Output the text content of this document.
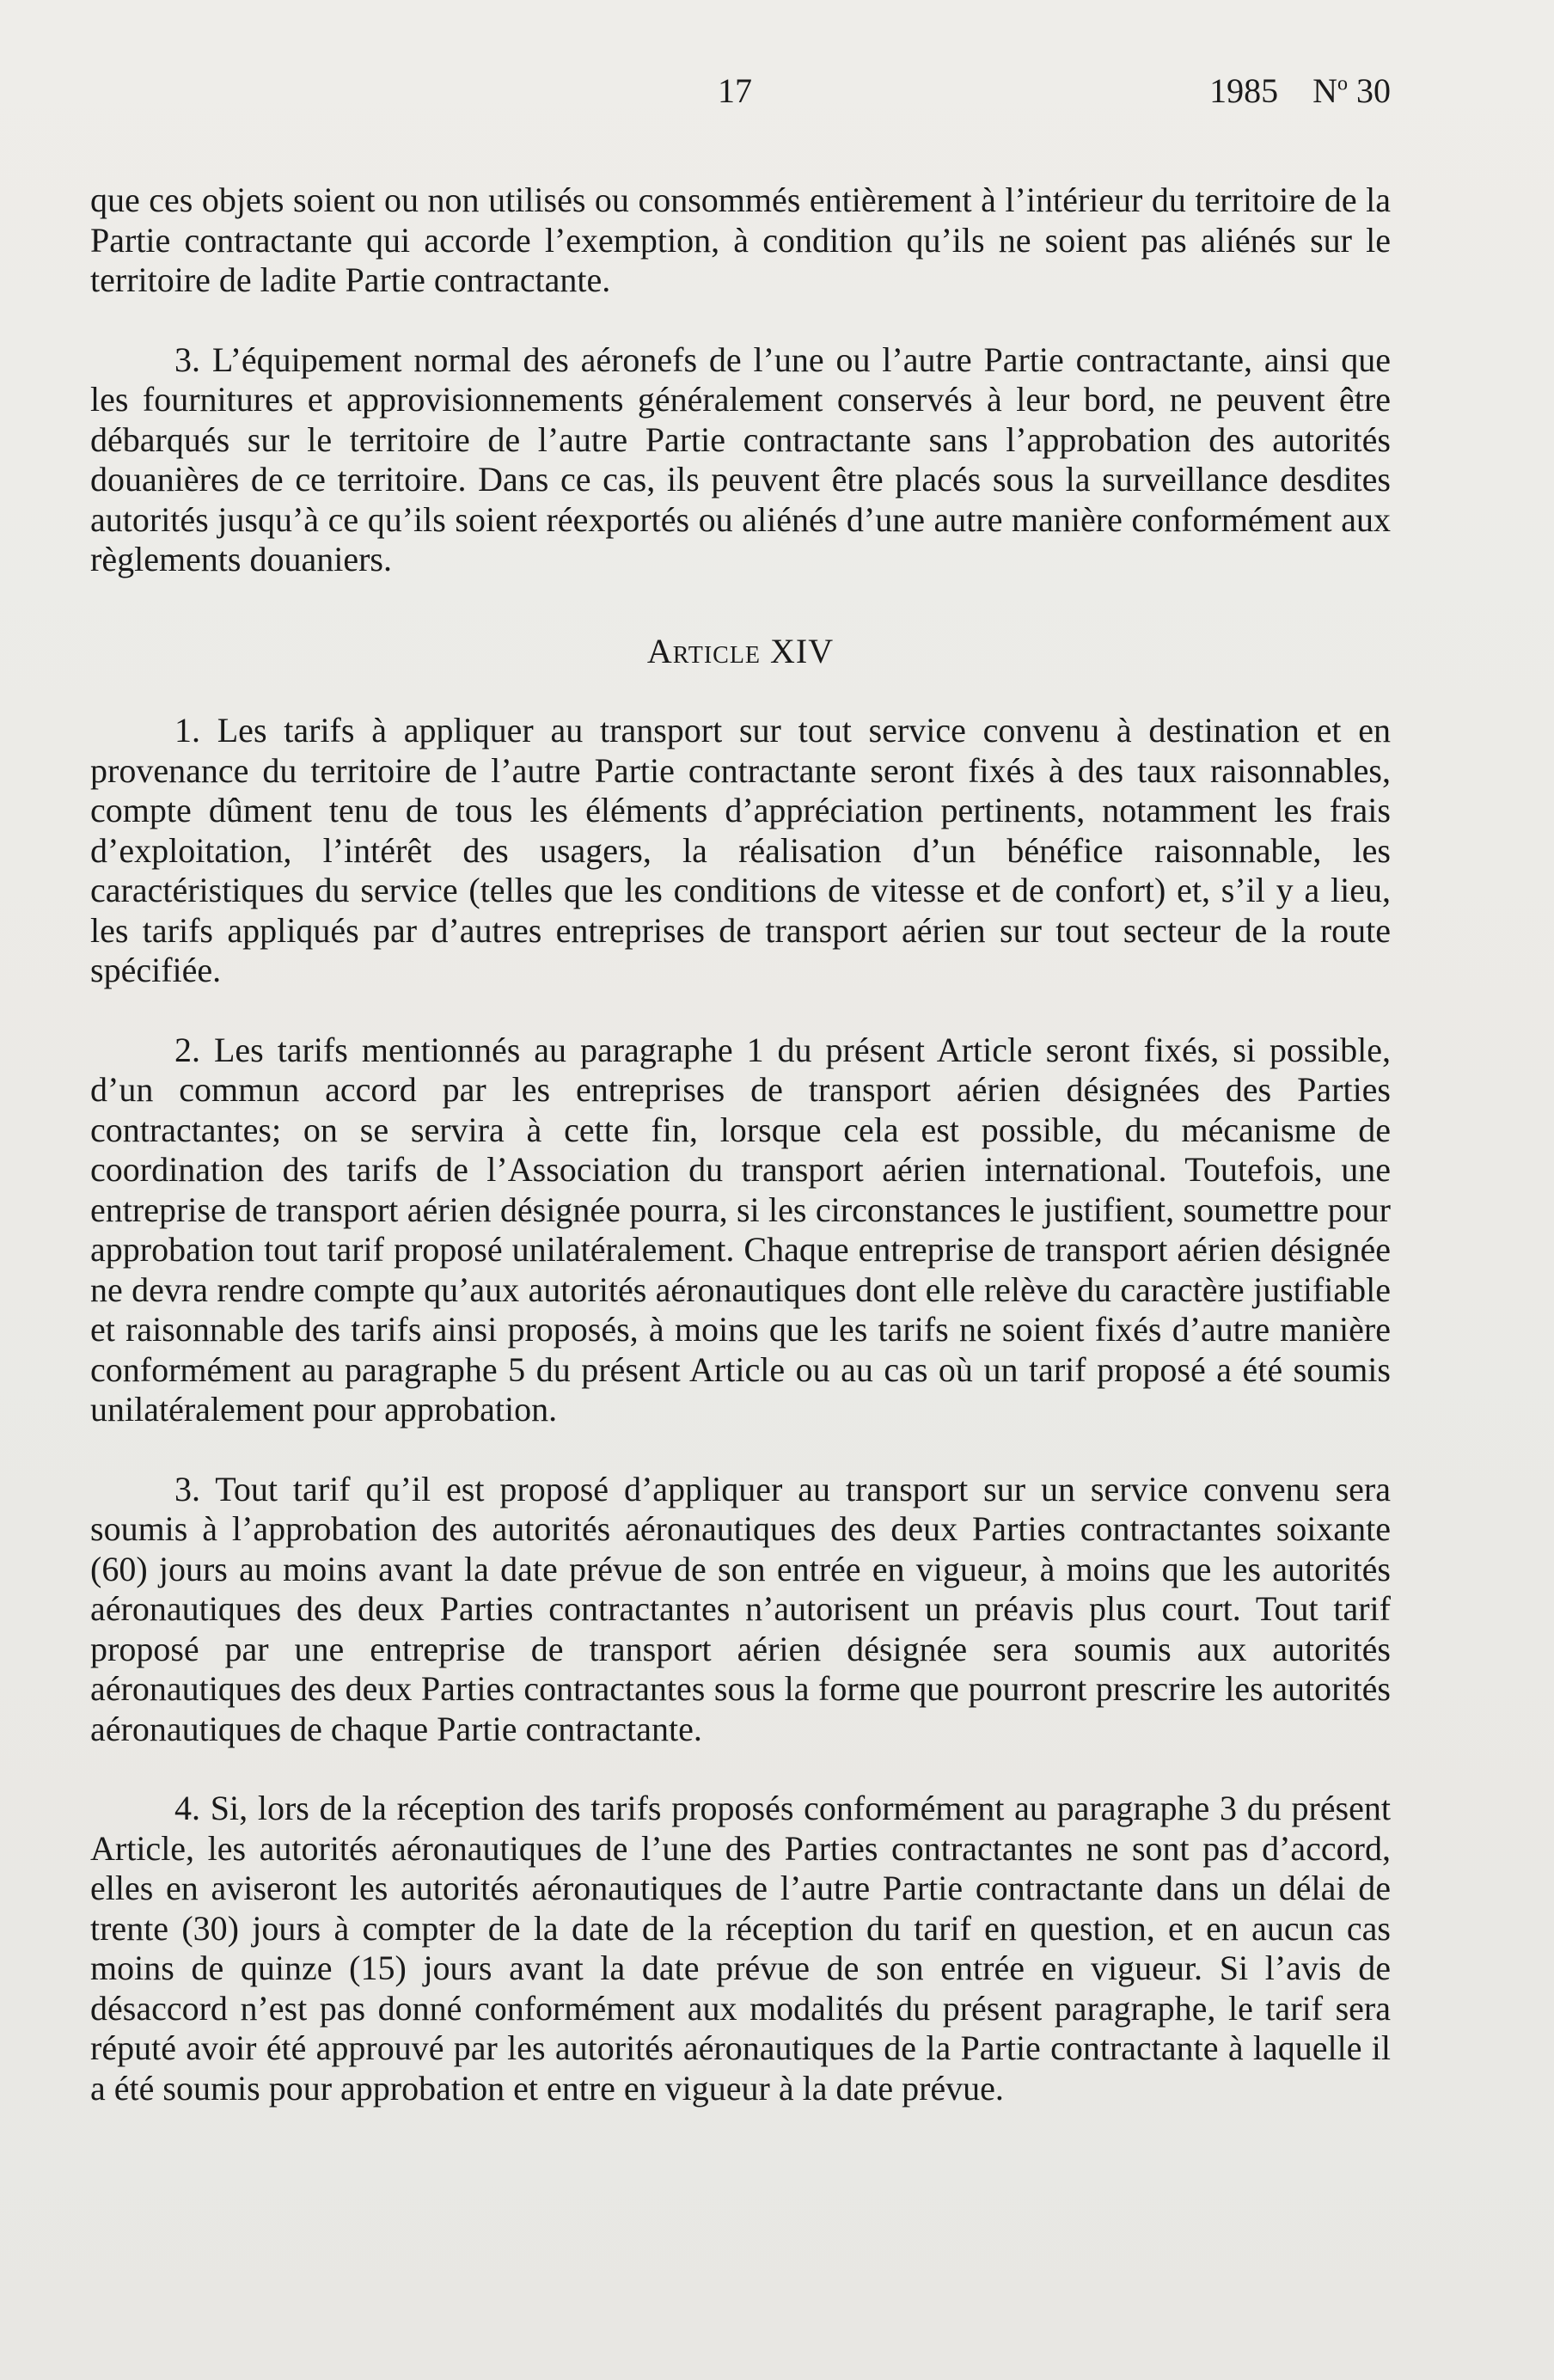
17	1985 $N^o$ 30

que ces objets soient ou non utilisés ou consommés entièrement à l’intérieur du territoire de la Partie contractante qui accorde l’exemption, à condition qu’ils ne soient pas aliénés sur le territoire de ladite Partie contractante.

3. L’équipement normal des aéronefs de l’une ou l’autre Partie contractante, ainsi que les fournitures et approvisionnements généralement conservés à leur bord, ne peuvent être débarqués sur le territoire de l’autre Partie contractante sans l’approbation des autorités douanières de ce territoire. Dans ce cas, ils peuvent être placés sous la surveillance desdites autorités jusqu’à ce qu’ils soient réexportés ou aliénés d’une autre manière conformément aux règlements douaniers.

Article XIV

1. Les tarifs à appliquer au transport sur tout service convenu à destination et en provenance du territoire de l’autre Partie contractante seront fixés à des taux raisonnables, compte dûment tenu de tous les éléments d’appréciation pertinents, notamment les frais d’exploitation, l’intérêt des usagers, la réalisation d’un bénéfice raisonnable, les caractéristiques du service (telles que les conditions de vitesse et de confort) et, s’il y a lieu, les tarifs appliqués par d’autres entreprises de transport aérien sur tout secteur de la route spécifiée.

2. Les tarifs mentionnés au paragraphe 1 du présent Article seront fixés, si possible, d’un commun accord par les entreprises de transport aérien désignées des Parties contractantes; on se servira à cette fin, lorsque cela est possible, du mécanisme de coordination des tarifs de l’Association du transport aérien international. Toutefois, une entreprise de transport aérien désignée pourra, si les circonstances le justifient, soumettre pour approbation tout tarif proposé unilatéralement. Chaque entreprise de transport aérien désignée ne devra rendre compte qu’aux autorités aéronautiques dont elle relève du caractère justifiable et raisonnable des tarifs ainsi proposés, à moins que les tarifs ne soient fixés d’autre manière conformément au paragraphe 5 du présent Article ou au cas où un tarif proposé a été soumis unilatéralement pour approbation.

3. Tout tarif qu’il est proposé d’appliquer au transport sur un service convenu sera soumis à l’approbation des autorités aéronautiques des deux Parties contractantes soixante (60) jours au moins avant la date prévue de son entrée en vigueur, à moins que les autorités aéronautiques des deux Parties contractantes n’autorisent un préavis plus court. Tout tarif proposé par une entreprise de transport aérien désignée sera soumis aux autorités aéronautiques des deux Parties contractantes sous la forme que pourront prescrire les autorités aéronautiques de chaque Partie contractante.

4. Si, lors de la réception des tarifs proposés conformément au paragraphe 3 du présent Article, les autorités aéronautiques de l’une des Parties contractantes ne sont pas d’accord, elles en aviseront les autorités aéronautiques de l’autre Partie contractante dans un délai de trente (30) jours à compter de la date de la réception du tarif en question, et en aucun cas moins de quinze (15) jours avant la date prévue de son entrée en vigueur. Si l’avis de désaccord n’est pas donné conformément aux modalités du présent paragraphe, le tarif sera réputé avoir été approuvé par les autorités aéronautiques de la Partie contractante à laquelle il a été soumis pour approbation et entre en vigueur à la date prévue.
